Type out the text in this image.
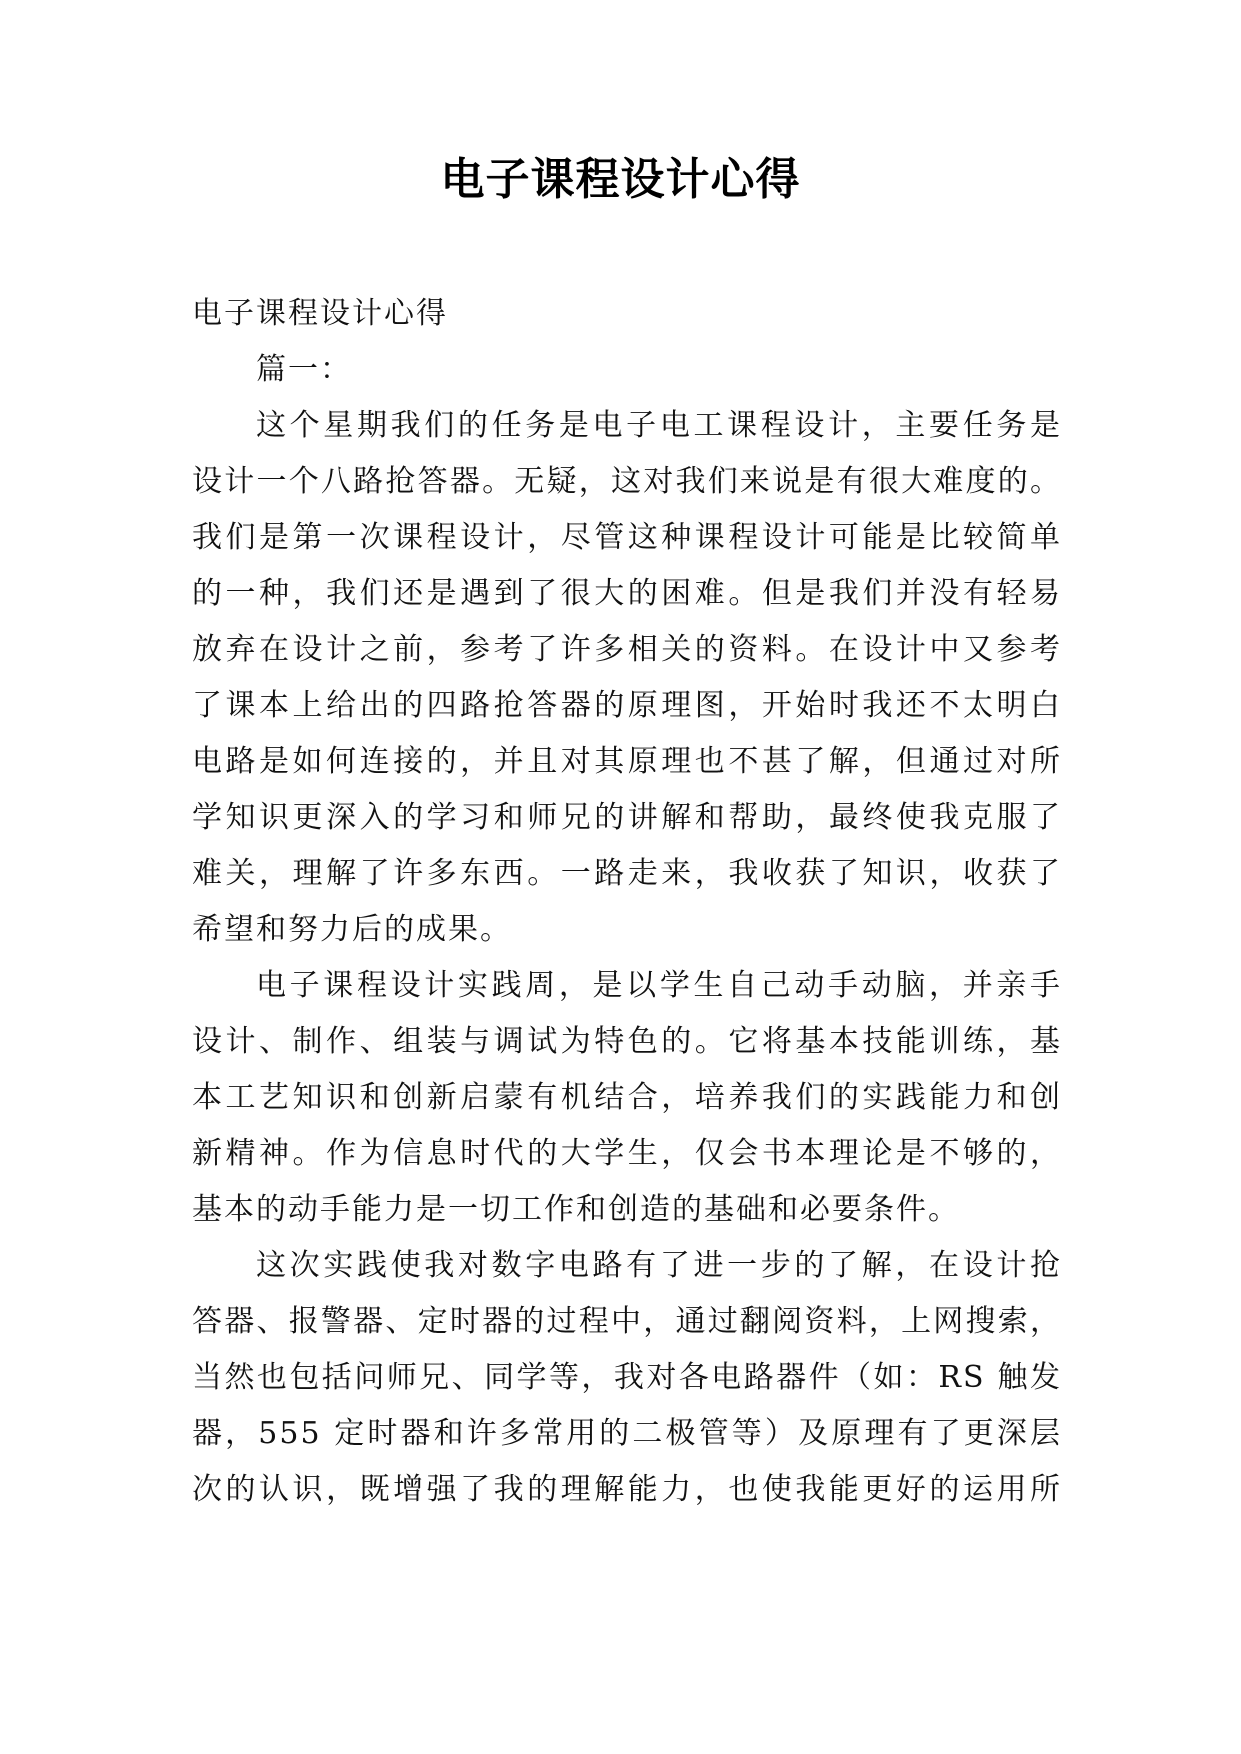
电子课程设计心得
电子课程设计心得
篇一：
这个星期我们的任务是电子电工课程设计，主要任务是
设计一个八路抢答器。无疑，这对我们来说是有很大难度的。
我们是第一次课程设计，尽管这种课程设计可能是比较简单
的一种，我们还是遇到了很大的困难。但是我们并没有轻易
放弃在设计之前，参考了许多相关的资料。在设计中又参考
了课本上给出的四路抢答器的原理图，开始时我还不太明白
电路是如何连接的，并且对其原理也不甚了解，但通过对所
学知识更深入的学习和师兄的讲解和帮助，最终使我克服了
难关，理解了许多东西。一路走来，我收获了知识，收获了
希望和努力后的成果。
电子课程设计实践周，是以学生自己动手动脑，并亲手
设计、制作、组装与调试为特色的。它将基本技能训练，基
本工艺知识和创新启蒙有机结合，培养我们的实践能力和创
新精神。作为信息时代的大学生，仅会书本理论是不够的，
基本的动手能力是一切工作和创造的基础和必要条件。
这次实践使我对数字电路有了进一步的了解，在设计抢
答器、报警器、定时器的过程中，通过翻阅资料，上网搜索，
当然也包括问师兄、同学等，我对各电路器件（如：RS 触发
器，555 定时器和许多常用的二极管等）及原理有了更深层
次的认识，既增强了我的理解能力，也使我能更好的运用所
